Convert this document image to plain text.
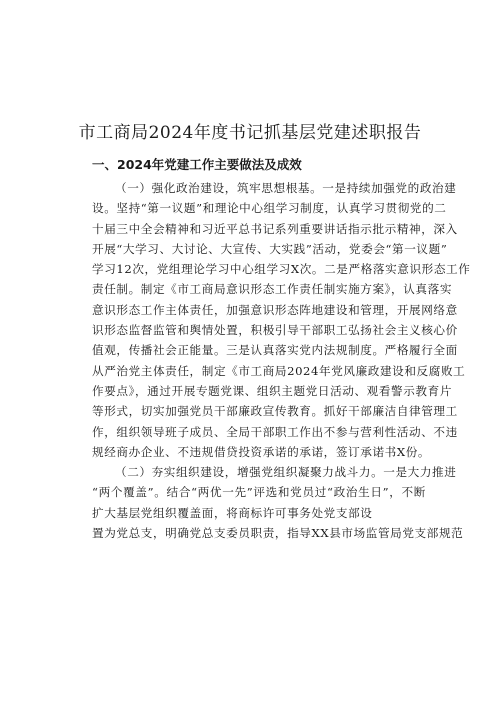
市工商局2024年度书记抓基层党建述职报告
一、2024年党建工作主要做法及成效
（一）强化政治建设，筑牢思想根基。一是持续加强党的政治建
设。坚持“第一议题”和理论中心组学习制度，认真学习贯彻党的二
十届三中全会精神和习近平总书记系列重要讲话指示批示精神，深入
开展“大学习、大讨论、大宣传、大实践”活动，党委会“第一议题”
学习12次，党组理论学习中心组学习X次。二是严格落实意识形态工作
责任制。制定《市工商局意识形态工作责任制实施方案》，认真落实
意识形态工作主体责任，加强意识形态阵地建设和管理，开展网络意
识形态监督监管和舆情处置，积极引导干部职工弘扬社会主义核心价
值观，传播社会正能量。三是认真落实党内法规制度。严格履行全面
从严治党主体责任，制定《市工商局2024年党风廉政建设和反腐败工
作要点》，通过开展专题党课、组织主题党日活动、观看警示教育片
等形式，切实加强党员干部廉政宣传教育。抓好干部廉洁自律管理工
作，组织领导班子成员、全局干部职工作出不参与营利性活动、不违
规经商办企业、不违规借贷投资承诺的承诺，签订承诺书X份。
（二）夯实组织建设，增强党组织凝聚力战斗力。一是大力推进
“两个覆盖”。结合“两优一先”评选和党员过“政治生日”，不断
扩大基层党组织覆盖面，将商标许可事务处党支部设
置为党总支，明确党总支委员职责，指导XX县市场监管局党支部规范
